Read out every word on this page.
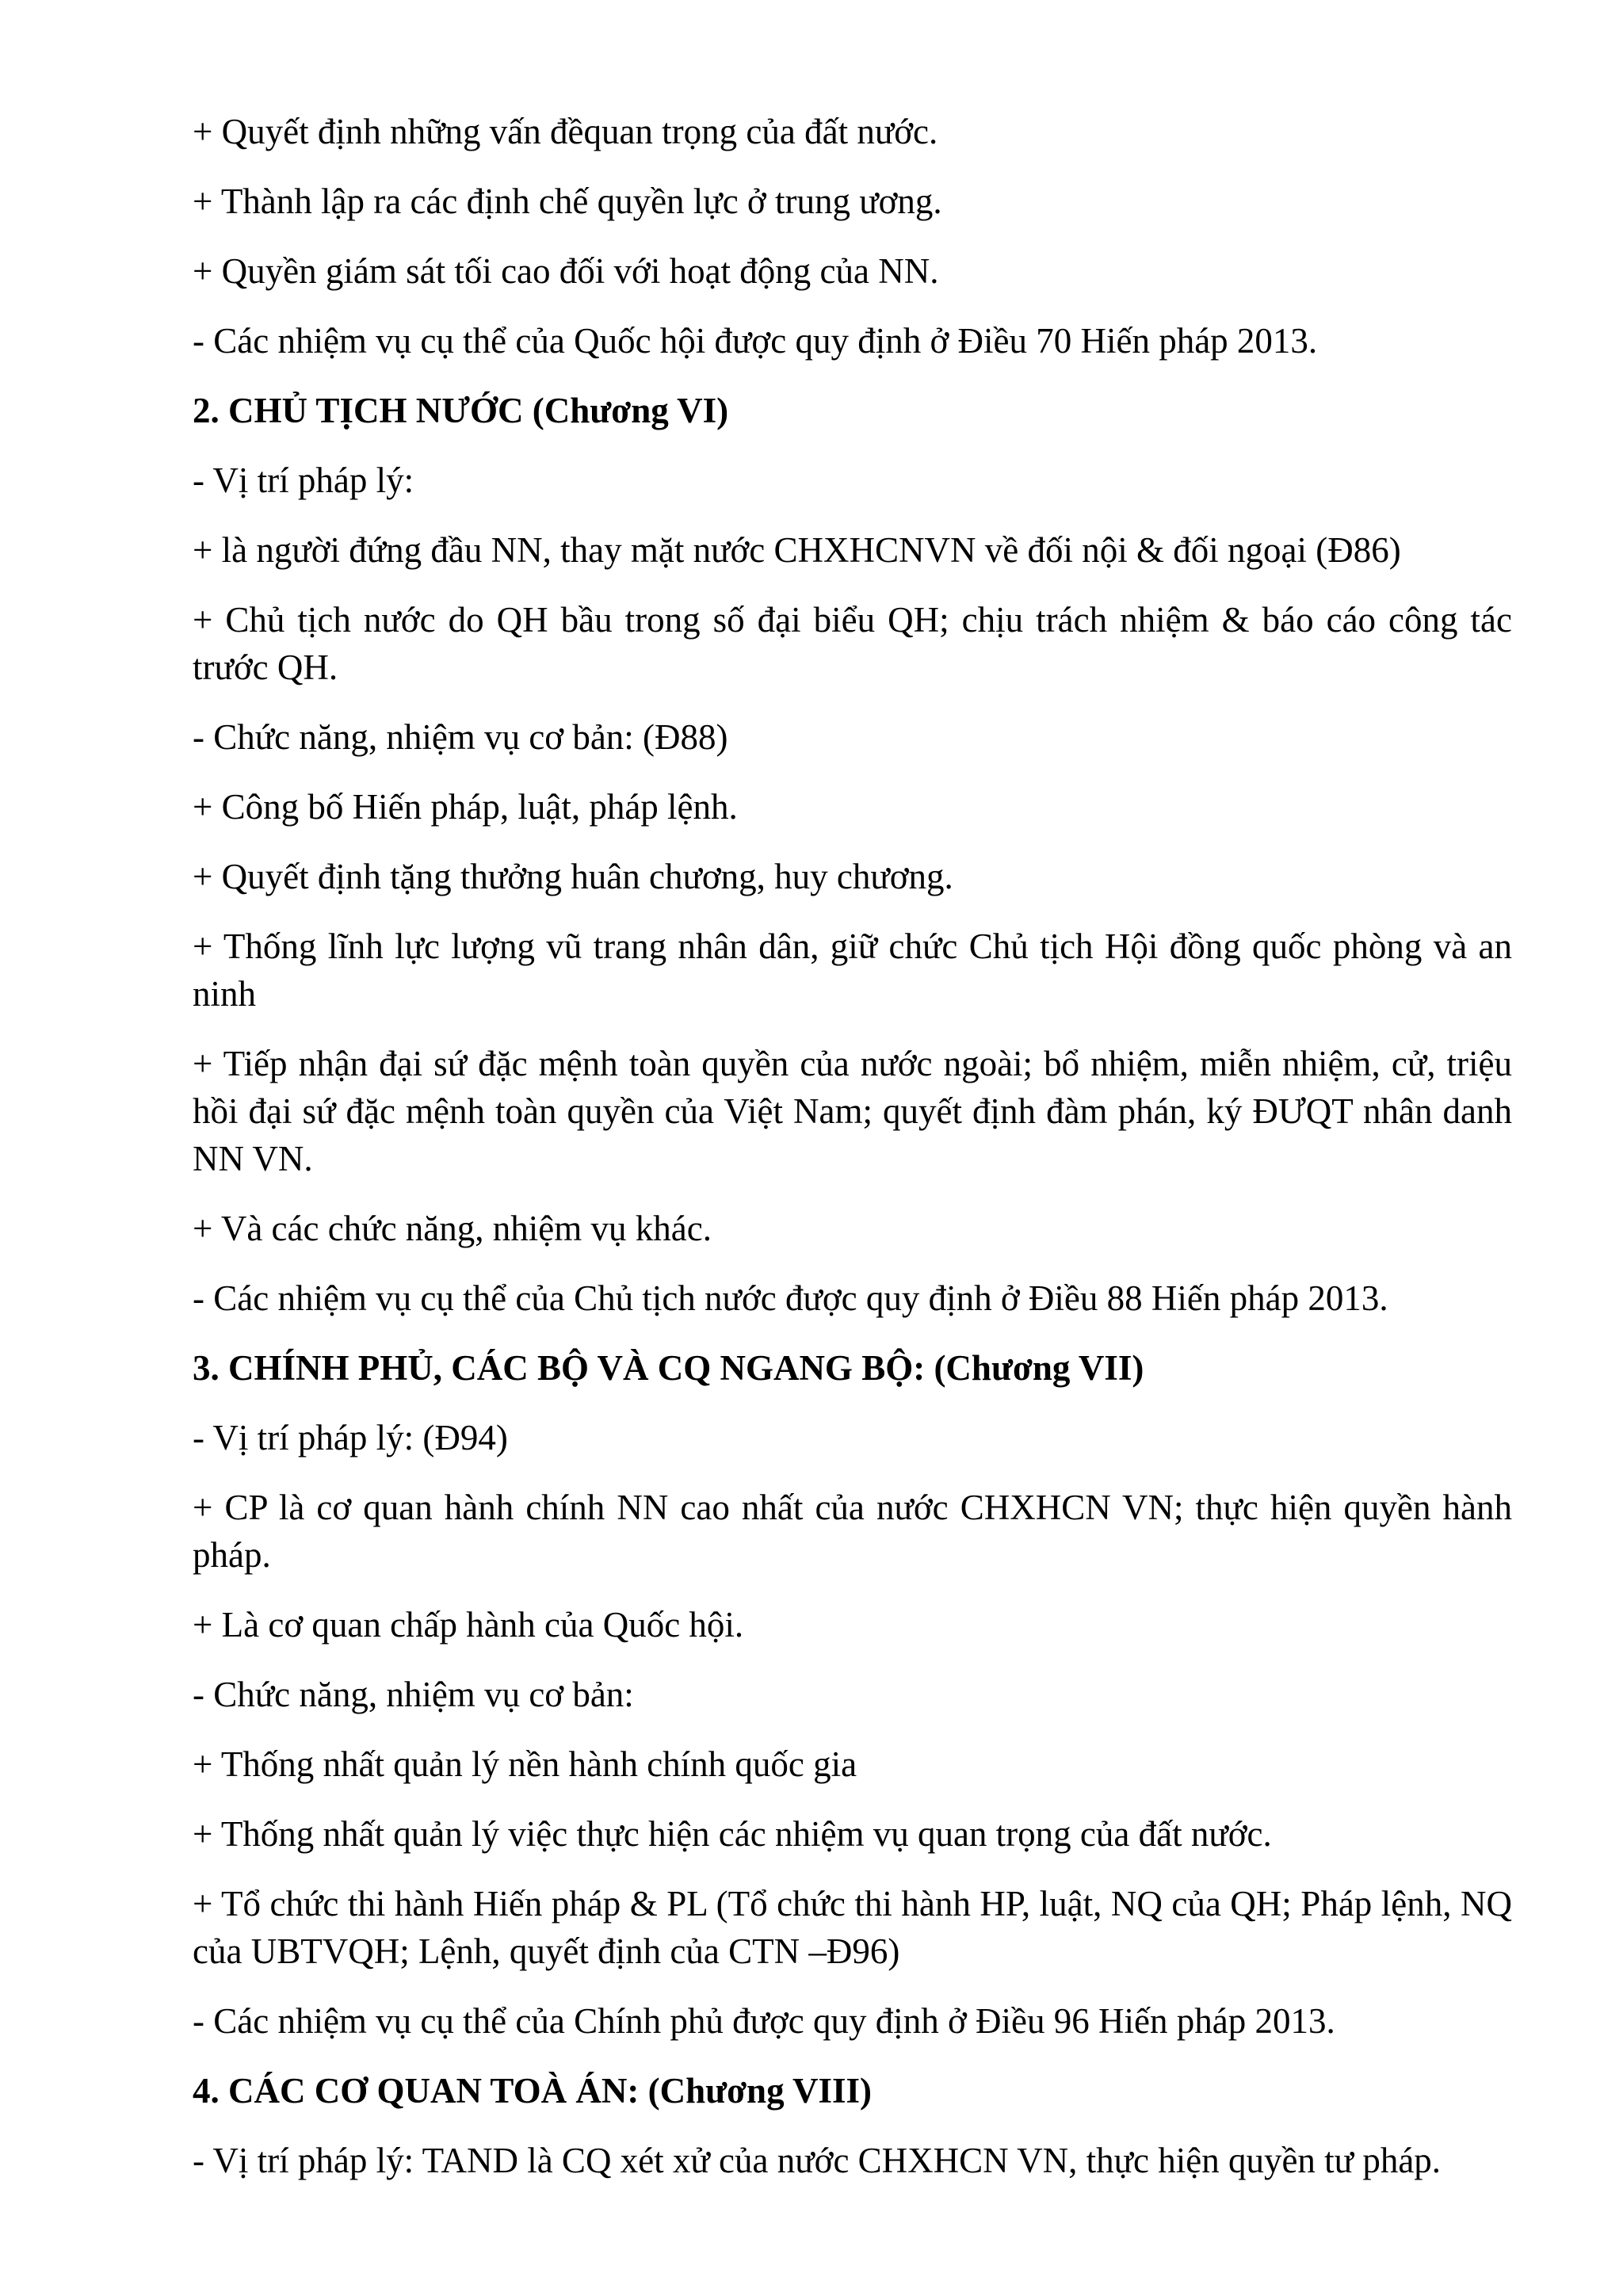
+ Quyết định những vấn đềquan trọng của đất nước.

+ Thành lập ra các định chế quyền lực ở trung ương.

+ Quyền giám sát tối cao đối với hoạt động của NN.

- Các nhiệm vụ cụ thể của Quốc hội được quy định ở Điều 70 Hiến pháp 2013.

2. CHỦ TỊCH NƯỚC (Chương VI)

- Vị trí pháp lý:

+ là người đứng đầu NN, thay mặt nước CHXHCNVN về đối nội & đối ngoại (Đ86)

+ Chủ tịch nước do QH bầu trong số đại biểu QH; chịu trách nhiệm & báo cáo công tác trước QH.

- Chức năng, nhiệm vụ cơ bản: (Đ88)

+ Công bố Hiến pháp, luật, pháp lệnh.

+ Quyết định tặng thưởng huân chương, huy chương.

+ Thống lĩnh lực lượng vũ trang nhân dân, giữ chức Chủ tịch Hội đồng quốc phòng và an ninh

+ Tiếp nhận đại sứ đặc mệnh toàn quyền của nước ngoài; bổ nhiệm, miễn nhiệm, cử, triệu hồi đại sứ đặc mệnh toàn quyền của Việt Nam; quyết định đàm phán, ký ĐƯQT nhân danh NN VN.

+ Và các chức năng, nhiệm vụ khác.

- Các nhiệm vụ cụ thể của Chủ tịch nước được quy định ở Điều 88 Hiến pháp 2013.

3. CHÍNH PHỦ, CÁC BỘ VÀ CQ NGANG BỘ: (Chương VII)

- Vị trí pháp lý: (Đ94)

+ CP là cơ quan hành chính NN cao nhất của nước CHXHCN VN; thực hiện quyền hành pháp.

+ Là cơ quan chấp hành của Quốc hội.

- Chức năng, nhiệm vụ cơ bản:

+ Thống nhất quản lý nền hành chính quốc gia

+ Thống nhất quản lý việc thực hiện các nhiệm vụ quan trọng của đất nước.

+ Tổ chức thi hành Hiến pháp & PL (Tổ chức thi hành HP, luật, NQ của QH; Pháp lệnh, NQ của UBTVQH; Lệnh, quyết định của CTN –Đ96)

- Các nhiệm vụ cụ thể của Chính phủ được quy định ở Điều 96 Hiến pháp 2013.

4. CÁC CƠ QUAN TOÀ ÁN: (Chương VIII)

- Vị trí pháp lý: TAND là CQ xét xử của nước CHXHCN VN, thực hiện quyền tư pháp.
